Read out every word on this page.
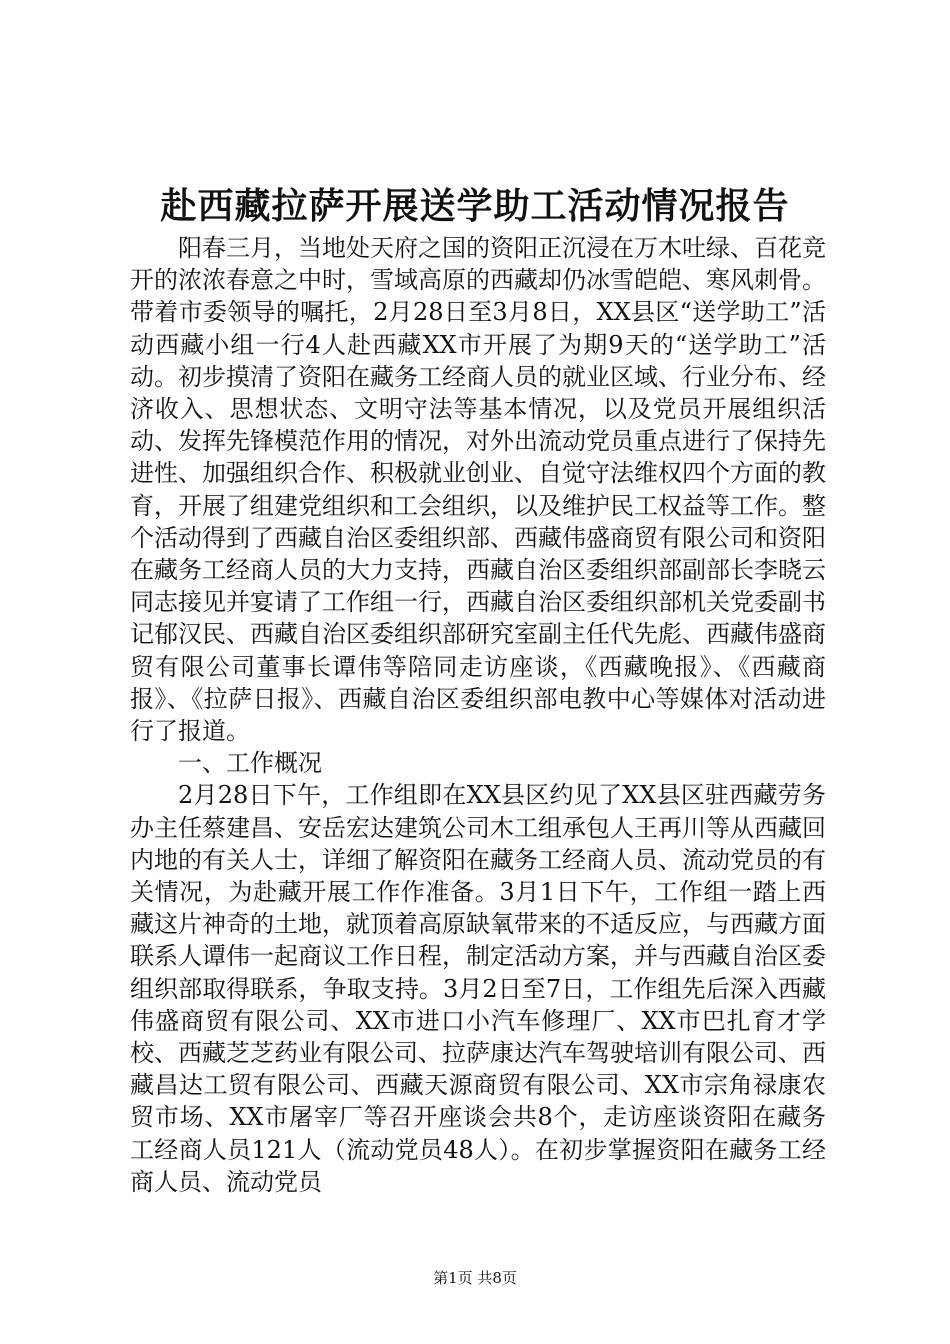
赴西藏拉萨开展送学助工活动情况报告

阳春三月，当地处天府之国的资阳正沉浸在万木吐绿、百花竞开的浓浓春意之中时，雪域高原的西藏却仍冰雪皑皑、寒风刺骨。带着市委领导的嘱托，2月28日至3月8日，XX县区“送学助工”活动西藏小组一行4人赴西藏XX市开展了为期9天的“送学助工”活动。初步摸清了资阳在藏务工经商人员的就业区域、行业分布、经济收入、思想状态、文明守法等基本情况，以及党员开展组织活动、发挥先锋模范作用的情况，对外出流动党员重点进行了保持先进性、加强组织合作、积极就业创业、自觉守法维权四个方面的教育，开展了组建党组织和工会组织，以及维护民工权益等工作。整个活动得到了西藏自治区委组织部、西藏伟盛商贸有限公司和资阳在藏务工经商人员的大力支持，西藏自治区委组织部副部长李晓云同志接见并宴请了工作组一行，西藏自治区委组织部机关党委副书记郁汉民、西藏自治区委组织部研究室副主任代先彪、西藏伟盛商贸有限公司董事长谭伟等陪同走访座谈，《西藏晚报》、《西藏商报》、《拉萨日报》、西藏自治区委组织部电教中心等媒体对活动进行了报道。

一、工作概况

2月28日下午，工作组即在XX县区约见了XX县区驻西藏劳务办主任蔡建昌、安岳宏达建筑公司木工组承包人王再川等从西藏回内地的有关人士，详细了解资阳在藏务工经商人员、流动党员的有关情况，为赴藏开展工作作准备。3月1日下午，工作组一踏上西藏这片神奇的土地，就顶着高原缺氧带来的不适反应，与西藏方面联系人谭伟一起商议工作日程，制定活动方案，并与西藏自治区委组织部取得联系，争取支持。3月2日至7日，工作组先后深入西藏伟盛商贸有限公司、XX市进口小汽车修理厂、XX市巴扎育才学校、西藏芝芝药业有限公司、拉萨康达汽车驾驶培训有限公司、西藏昌达工贸有限公司、西藏天源商贸有限公司、XX市宗角禄康农贸市场、XX市屠宰厂等召开座谈会共8个，走访座谈资阳在藏务工经商人员121人（流动党员48人）。在初步掌握资阳在藏务工经商人员、流动党员

第1页 共8页
